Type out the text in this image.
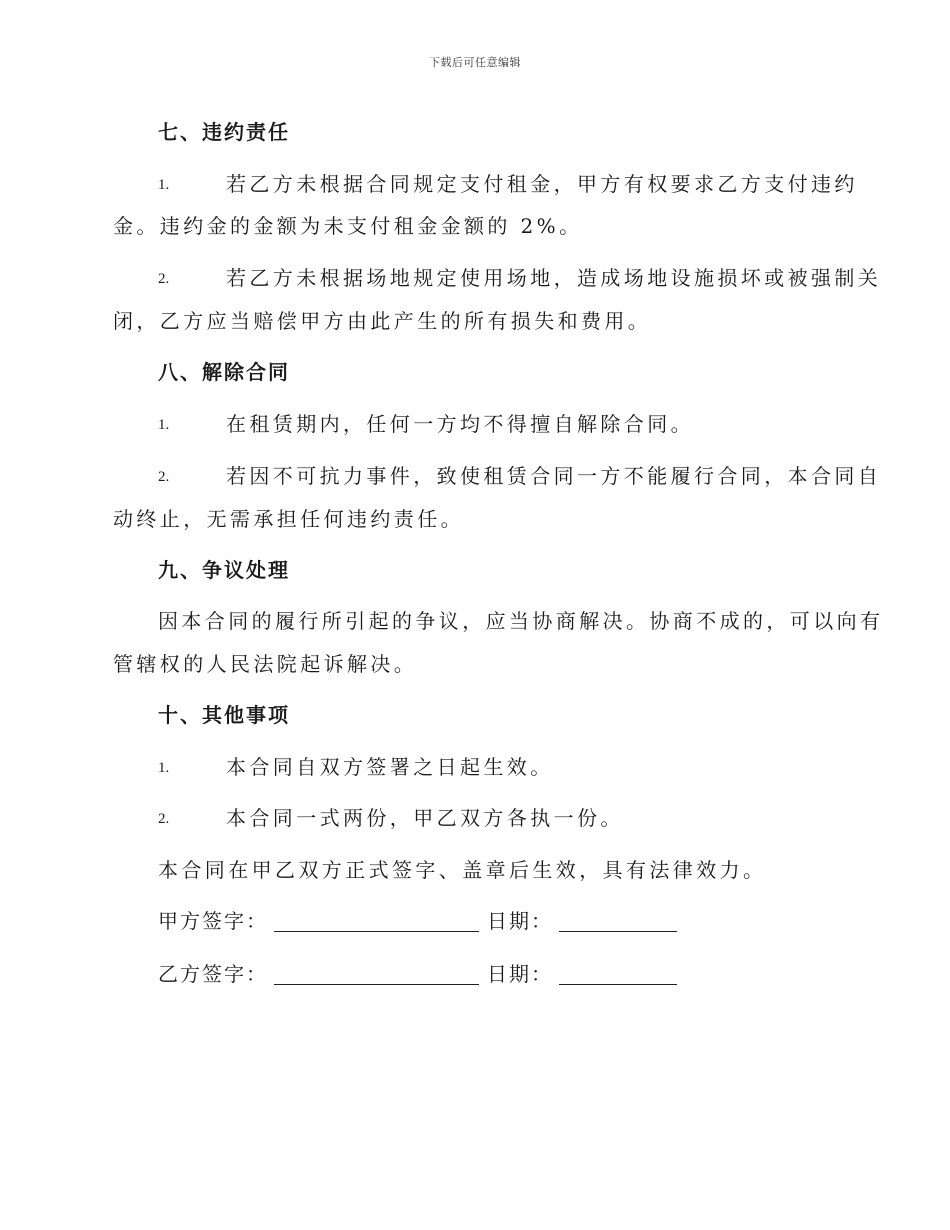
下载后可任意编辑
七、违约责任
1.	若乙方未根据合同规定支付租金，甲方有权要求乙方支付违约
金。违约金的金额为未支付租金金额的 2%。
2.	若乙方未根据场地规定使用场地，造成场地设施损坏或被强制关
闭，乙方应当赔偿甲方由此产生的所有损失和费用。
八、解除合同
1.	在租赁期内，任何一方均不得擅自解除合同。
2.	若因不可抗力事件，致使租赁合同一方不能履行合同，本合同自
动终止，无需承担任何违约责任。
九、争议处理
因本合同的履行所引起的争议，应当协商解决。协商不成的，可以向有
管辖权的人民法院起诉解决。
十、其他事项
1.	本合同自双方签署之日起生效。
2.	本合同一式两份，甲乙双方各执一份。
本合同在甲乙双方正式签字、盖章后生效，具有法律效力。
甲方签字：	日期：
乙方签字：	日期：
